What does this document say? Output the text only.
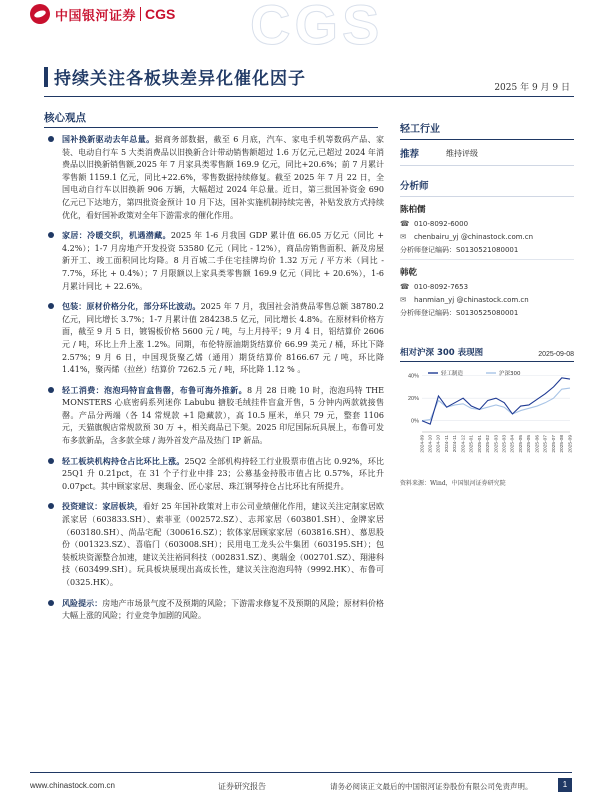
中国银河证券 CGS CGS
持续关注各板块差异化催化因子	2025 年 9 月 9 日
核心观点
国补换新驱动去年总量。据商务部数据，截至 6 月底，汽车、家电手机等数码产品、家装、电动自行车 5 大类消费品以旧换新合计带动销售额超过 1.6 万亿元,已超过 2024 年消费品以旧换新销售额,2025 年 7 月家具类零售额 169.9 亿元，同比+20.6%；前 7 月累计零售额 1159.1 亿元，同比+22.6%，零售数据持续修复。截至 2025 年 7 月 22 日，全国电动自行车以旧换新 906 万辆，大幅超过 2024 年总量。近日，第三批国补资金 690 亿元已下达地方，第四批资金预计 10 月下达，国补实施机制持续完善，补贴发放方式持续优化，看好国补政策对全年下游需求的催化作用。
家居：冷暖交织，机遇潜藏。2025 年 1-6 月我国 GDP 累计值 66.05 万亿元（同比 + 4.2%）；1-7 月房地产开发投资 53580 亿元（同比 - 12%），商品房销售面积、新及房屋新开工、竣工面积同比均降。8 月百城二手住宅挂牌均价 1.32 万元 / 平方米（同比 - 7.7%，环比 + 0.4%）；7 月限额以上家具类零售额 169.9 亿元（同比 + 20.6%），1-6 月累计同比 + 22.6%。
包装：原材价格分化，部分环比波动。2025 年 7 月，我国社会消费品零售总额 38780.2 亿元，同比增长 3.7%；1-7 月累计值 284238.5 亿元，同比增长 4.8%。在原材料价格方面，截至 9 月 5 日，镀锡板价格 5600 元 / 吨，与上月持平；9 月 4 日，铝结算价 2606 元 / 吨，环比上升上涨 1.2%。同期，布伦特原油期货结算价 66.99 美元 / 桶，环比下降 2.57%；9 月 6 日，中国现货聚乙烯（通用）期货结算价 8166.67 元 / 吨，环比降 1.41%，聚丙烯（拉丝）结算价 7262.5 元 / 吨，环比降 1.12 % 。
轻工消费：泡泡玛特盲盒售罄，布鲁可海外推新。8 月 28 日晚 10 时，泡泡玛特 THE MONSTERS 心底密码系列迷你 Labubu 搪胶毛绒挂件盲盒开售，5 分钟内两款就接售罄。产品分两端（各 14 常规款 +1 隐藏款），高 10.5 厘米，单只 79 元，整套 1106 元，天猫旗舰店常规款预 30 万 +，相关商品已下架。2025 印尼国际玩具展上，布鲁可发布多款新品，含多款全球 / 海外首发产品及热门 IP 新品。
轻工板块机构持仓占比环比上涨。25Q2 全部机构持轻工行业股票市值占比 0.92%，环比 25Q1 升 0.21pct，在 31 个子行业中排 23；公募基金持股市值占比 0.57%，环比升 0.07pct。其中顾家家居、奥瑞金、匠心家居、珠江钢琴持仓占比环比有所提升。
投资建议：家居板块，看好 25 年国补政策对上市公司业绩催化作用，建议关注定制家居欧派家居（603833.SH）、索菲亚（002572.SZ）、志邦家居（603801.SH）、金牌家居（603180.SH）、尚品宅配（300616.SZ）；软体家居顾家家居（603816.SH）、慕思股份（001323.SZ）、喜临门（603008.SH）；民用电工龙头公牛集团（603195.SH）；包装板块资源整合加速，建议关注裕同科技（002831.SZ）、奥瑞金（002701.SZ）、翔港科技（603499.SH）。玩具板块展现出高成长性，建议关注泡泡玛特（9992.HK）、布鲁可（0325.HK）。
风险提示：房地产市场景气度不及预期的风险；下游需求修复不及预期的风险；原材料价格大幅上涨的风险；行业竞争加剧的风险。
轻工行业
推荐	维持评级
分析师
陈柏儒
☎ 010-8092-6000
✉	chenbairu_yj @chinastock.com.cn
分析师登记编码：S0130521080001
韩乾
☎ 010-8092-7653
✉	hanmian_yj @chinastock.com.cn
分析师登记编码：S0130525080001
相对沪深 300 表现图	2025-09-08
0%
20%
40%
2024-09 2024-10 2024-10 2024-11 2024-11 2024-12 2025-01 2025-01 2025-02 2025-03 2025-03 2025-04 2025-05 2025-05 2025-06 2025-07 2025-07 2025-08 2025-09
轻工制造	沪深300
资料来源：Wind，中国银河证券研究院
www.chinastock.com.cn	证券研究报告	请务必阅读正文最后的中国银河证券股份有限公司免责声明。	1
